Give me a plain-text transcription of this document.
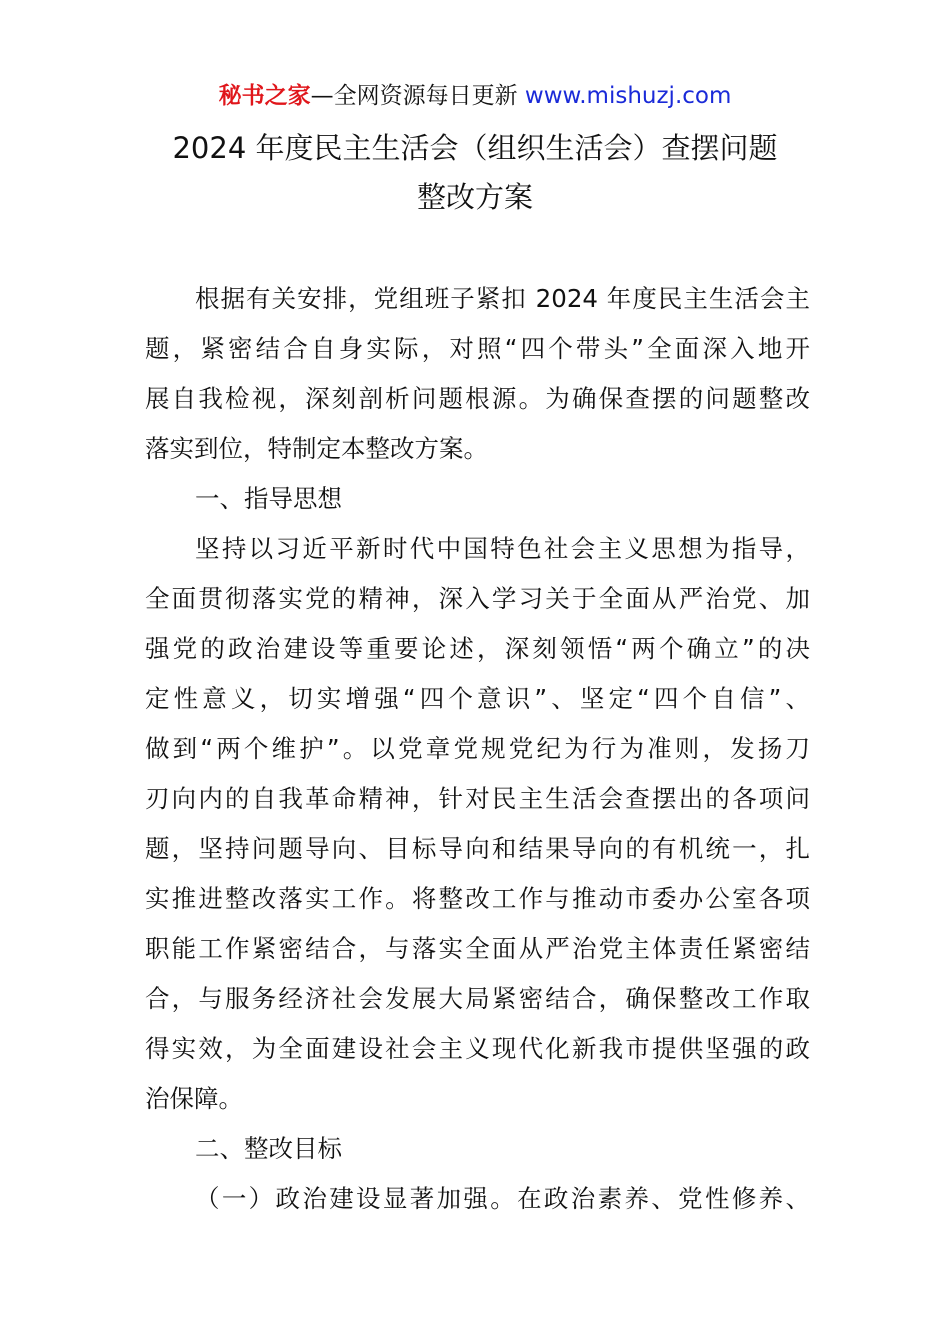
秘书之家—全网资源每日更新 www.mishuzj.com
2024 年度民主生活会（组织生活会）查摆问题
整改方案
根据有关安排，党组班子紧扣 2024 年度民主生活会主
题，紧密结合自身实际，对照“四个带头”全面深入地开
展自我检视，深刻剖析问题根源。为确保查摆的问题整改
落实到位，特制定本整改方案。
一、指导思想
坚持以习近平新时代中国特色社会主义思想为指导，
全面贯彻落实党的精神，深入学习关于全面从严治党、加
强党的政治建设等重要论述，深刻领悟“两个确立”的决
定性意义，切实增强“四个意识”、坚定“四个自信”、
做到“两个维护”。以党章党规党纪为行为准则，发扬刀
刃向内的自我革命精神，针对民主生活会查摆出的各项问
题，坚持问题导向、目标导向和结果导向的有机统一，扎
实推进整改落实工作。将整改工作与推动市委办公室各项
职能工作紧密结合，与落实全面从严治党主体责任紧密结
合，与服务经济社会发展大局紧密结合，确保整改工作取
得实效，为全面建设社会主义现代化新我市提供坚强的政
治保障。
二、整改目标
（一）政治建设显著加强。在政治素养、党性修养、
